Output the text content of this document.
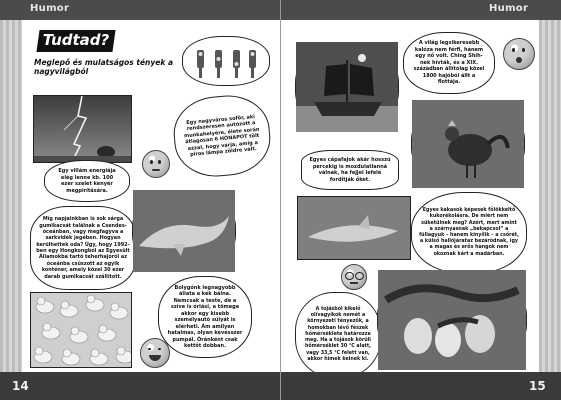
Humor
Tudtad?
Meglepő és mulatságos tények a nagyvilágból
Egy villám energiája elég lenne kb. 100 ezer szelet kenyér megpirítására.
Egy nagyváros sofőr, aki rendszeresen autózott a munkahelyére, élete során átlagosan 6 HÓNAPOT tölt azzal, hogy várja, amíg a piros lámpa zöldre vált.
Míg napjainkban is sok sárga gumikacsát találnak a Csendes-óceánban, vagy megfagyva a sarkvidék jegében. Hogyan kerülhettek oda? Úgy, hogy 1992-ben egy Hongkongból az Egyesült Államokba tartó teherhajóról az óceánba csúszott az egyik konténer, amely közel 30 ezer darab gumikacsát szállított.
Bolygónk legnagyobb állata a kék bálna. Nemcsak a teste, de a szíve is óriási, a tömege akkor egy kisebb személyautó súlyát is elérheti. Ám amilyen hatalmas, olyan kevésszer pumpál. Óránként csak kettőt dobban.
14
Humor
A világ legsikeresebb kalóza nem férfi, hanem egy nő volt. Ching Shih-nek hívták, és a XIX. században állítólag közel 1800 hajóból állt a flottája.
Egyes cápafajok akár hosszú percekig is mozdulatlanná válnak, ha fejjel lefelé fordítják őket.
Egyes kakasok képesek főlökkeltő kukorékolásra. De miért nem süketülnek meg? Azért, mert amint a szárnyasnak „bekapcsol” a füllagyuk – hanem kinyílik – a csőrét, a külső hallójárataz bezáródnak, így a magas és erős hangok nem okoznak kárt a madárban.
A tojásból kikelő olívagyíkok nemét a környezeti tényezők, a homokban lévő fészek hőmérséklete határozza meg. Ha a tojások körüli hőmérséklet 30 °C alatt, vagy 33,5 °C felett van, akkor hímek kelnek ki.
15
